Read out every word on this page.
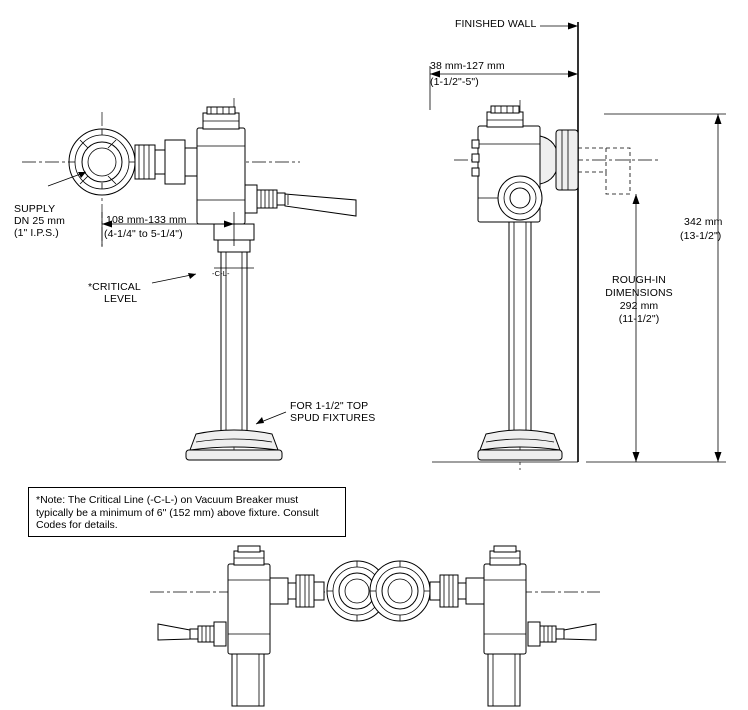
FINISHED WALL
38 mm-127 mm
(1-1/2"-5")
SUPPLY
DN 25 mm
(1" I.P.S.)
108 mm-133 mm
(4-1/4" to 5-1/4")
-C-L-
*CRITICAL
LEVEL
FOR 1-1/2" TOP
SPUD FIXTURES
342 mm
(13-1/2")
ROUGH-IN
DIMENSIONS
292 mm
(11-1/2")
*Note: The Critical Line (-C-L-) on Vacuum Breaker must typically be a minimum of 6" (152 mm) above fixture. Consult Codes for details.
